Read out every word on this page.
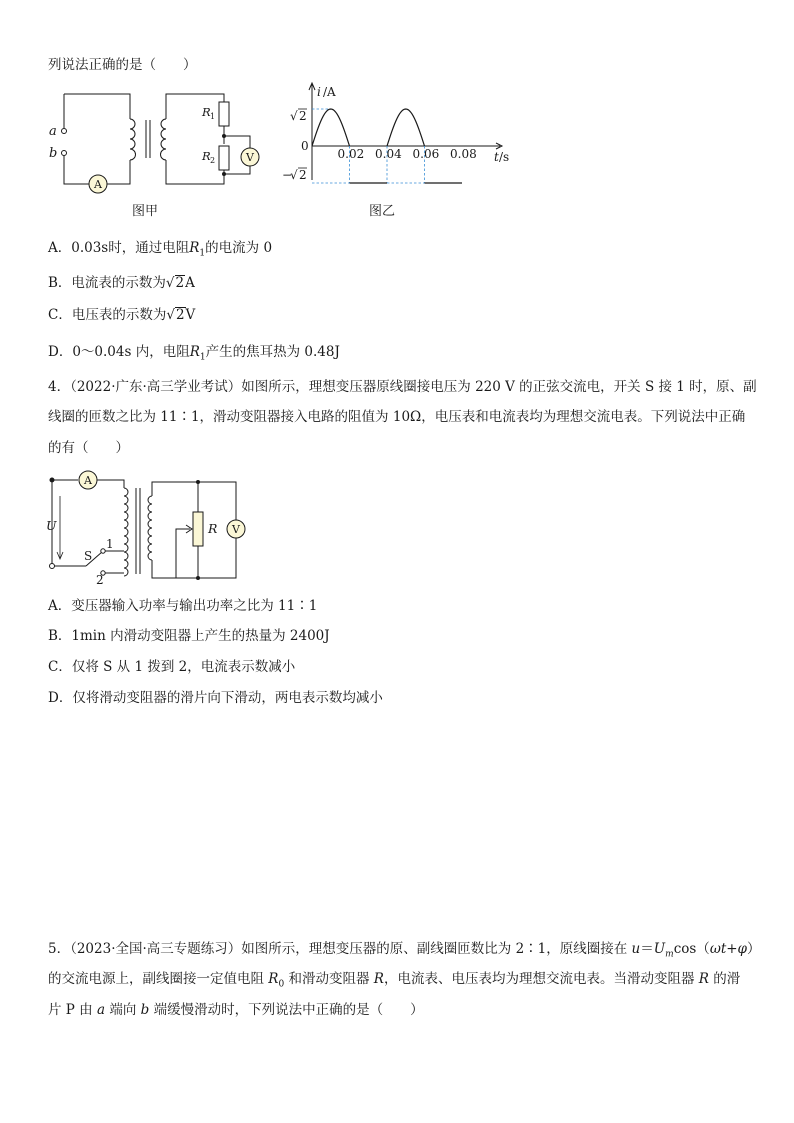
列说法正确的是（　　）
a
b
A
V
R 1
R 2
图甲
0.02 0.04 0.06 0.08
i /A
t /s
0
√ 2
−
√ 2
图乙
A．0.03s时，通过电阻$R_1$的电流为 0
B．电流表的示数为√2A
C．电压表的示数为√2V
D．0～0.04s 内，电阻$R_1$产生的焦耳热为 0.48J
4．（2022·广东·高三学业考试）如图所示，理想变压器原线圈接电压为 220 V 的正弦交流电，开关 S 接 1 时，原、副
线圈的匝数之比为 11∶1，滑动变阻器接入电路的阻值为 10Ω，电压表和电流表均为理想交流电表。下列说法中正确
的有（　　）
A
V
U
S
1
2
R
A．变压器输入功率与输出功率之比为 11∶1
B．1min 内滑动变阻器上产生的热量为 2400J
C．仅将 S 从 1 拨到 2，电流表示数减小
D．仅将滑动变阻器的滑片向下滑动，两电表示数均减小
5．（2023·全国·高三专题练习）如图所示，理想变压器的原、副线圈匝数比为 2∶1，原线圈接在 $u=U_m\cos(\omega t+\varphi)$
的交流电源上，副线圈接一定值电阻 $R_0$ 和滑动变阻器 R，电流表、电压表均为理想交流电表。当滑动变阻器 R 的滑
片 P 由 a 端向 b 端缓慢滑动时，下列说法中正确的是（　　）
